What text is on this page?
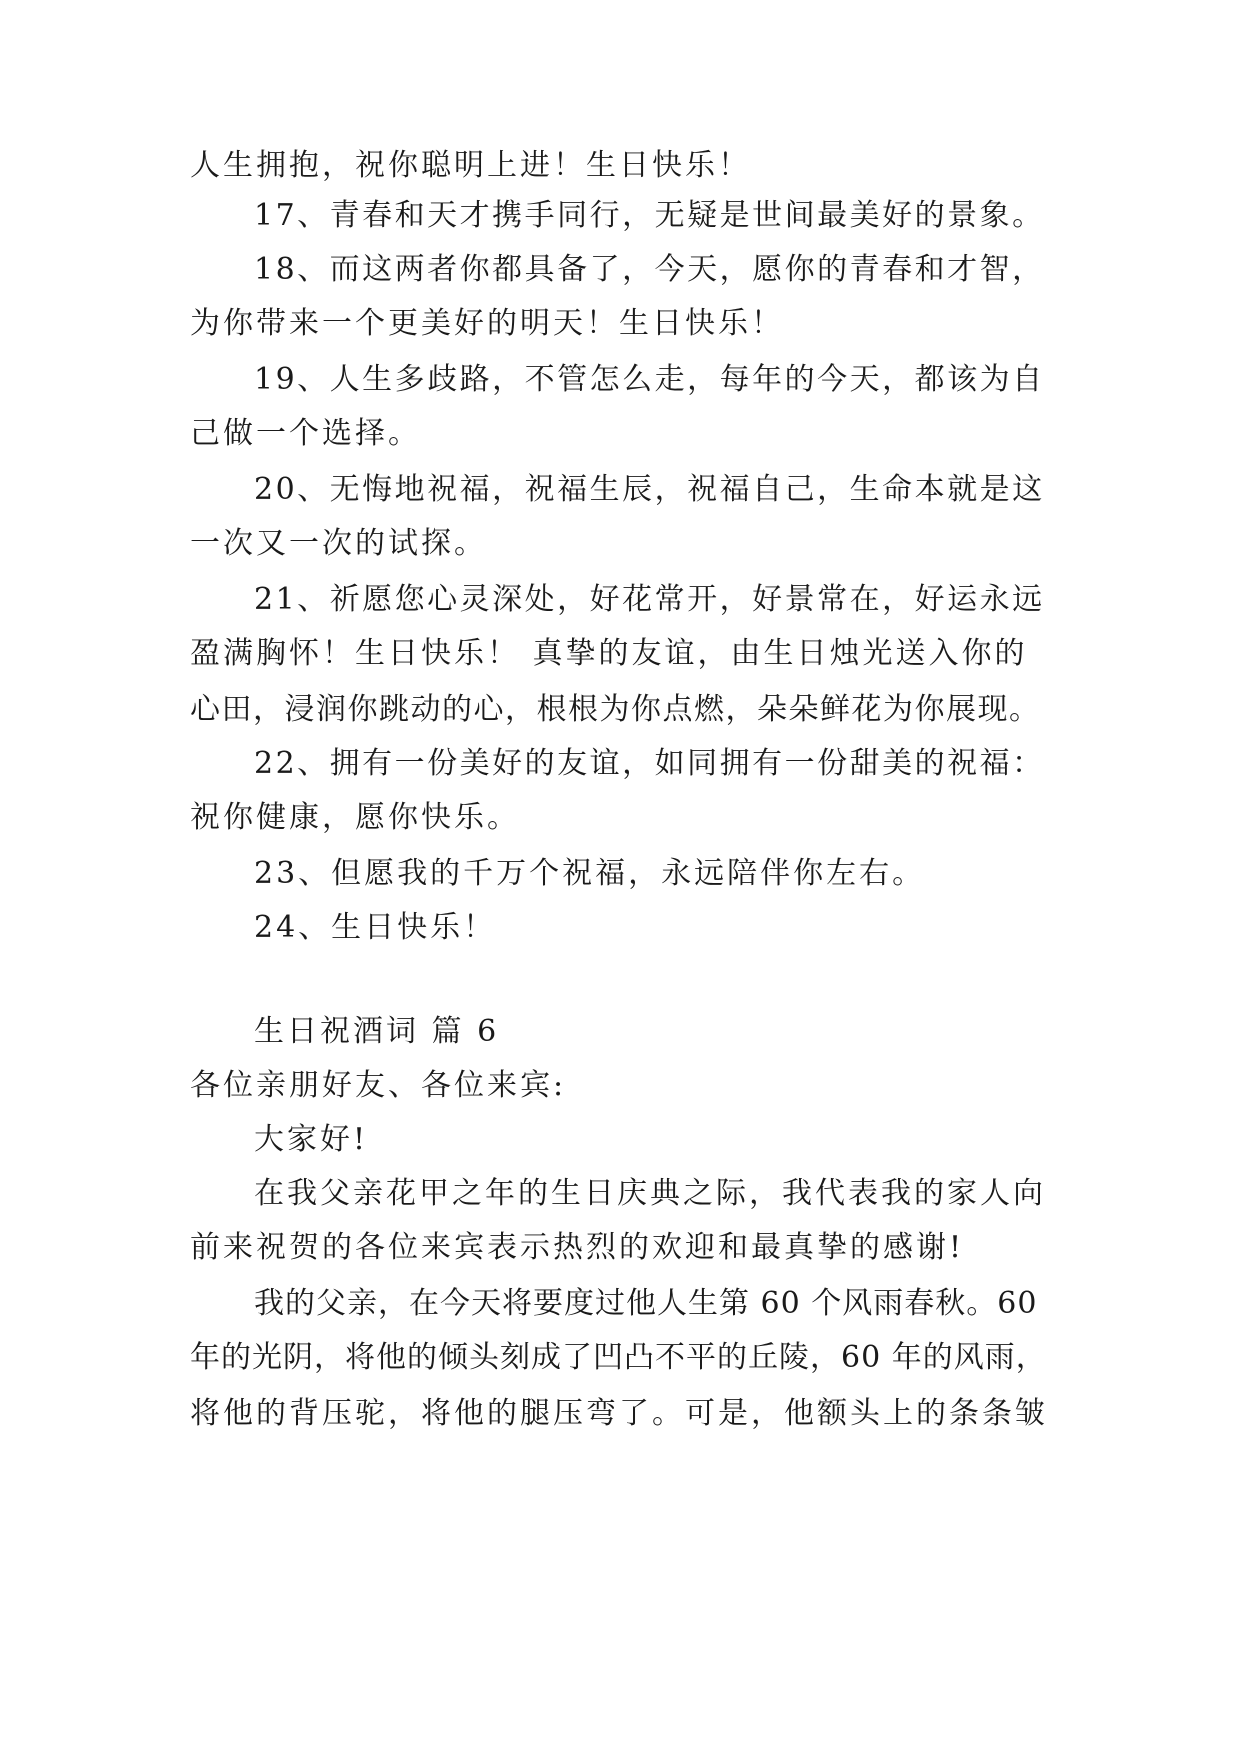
人生拥抱，祝你聪明上进！生日快乐！
17、青春和天才携手同行，无疑是世间最美好的景象。
18、而这两者你都具备了，今天，愿你的青春和才智，
为你带来一个更美好的明天！生日快乐！
19、人生多歧路，不管怎么走，每年的今天，都该为自
己做一个选择。
20、无悔地祝福，祝福生辰，祝福自己，生命本就是这
一次又一次的试探。
21、祈愿您心灵深处，好花常开，好景常在，好运永远
盈满胸怀！生日快乐！ 真挚的友谊，由生日烛光送入你的
心田，浸润你跳动的心，根根为你点燃，朵朵鲜花为你展现。
22、拥有一份美好的友谊，如同拥有一份甜美的祝福：
祝你健康，愿你快乐。
23、但愿我的千万个祝福，永远陪伴你左右。
24、生日快乐！
生日祝酒词 篇 6
各位亲朋好友、各位来宾:
大家好!
在我父亲花甲之年的生日庆典之际，我代表我的家人向
前来祝贺的各位来宾表示热烈的欢迎和最真挚的感谢!
我的父亲，在今天将要度过他人生第 60 个风雨春秋。60
年的光阴，将他的倾头刻成了凹凸不平的丘陵，60 年的风雨，
将他的背压驼，将他的腿压弯了。可是，他额头上的条条皱
